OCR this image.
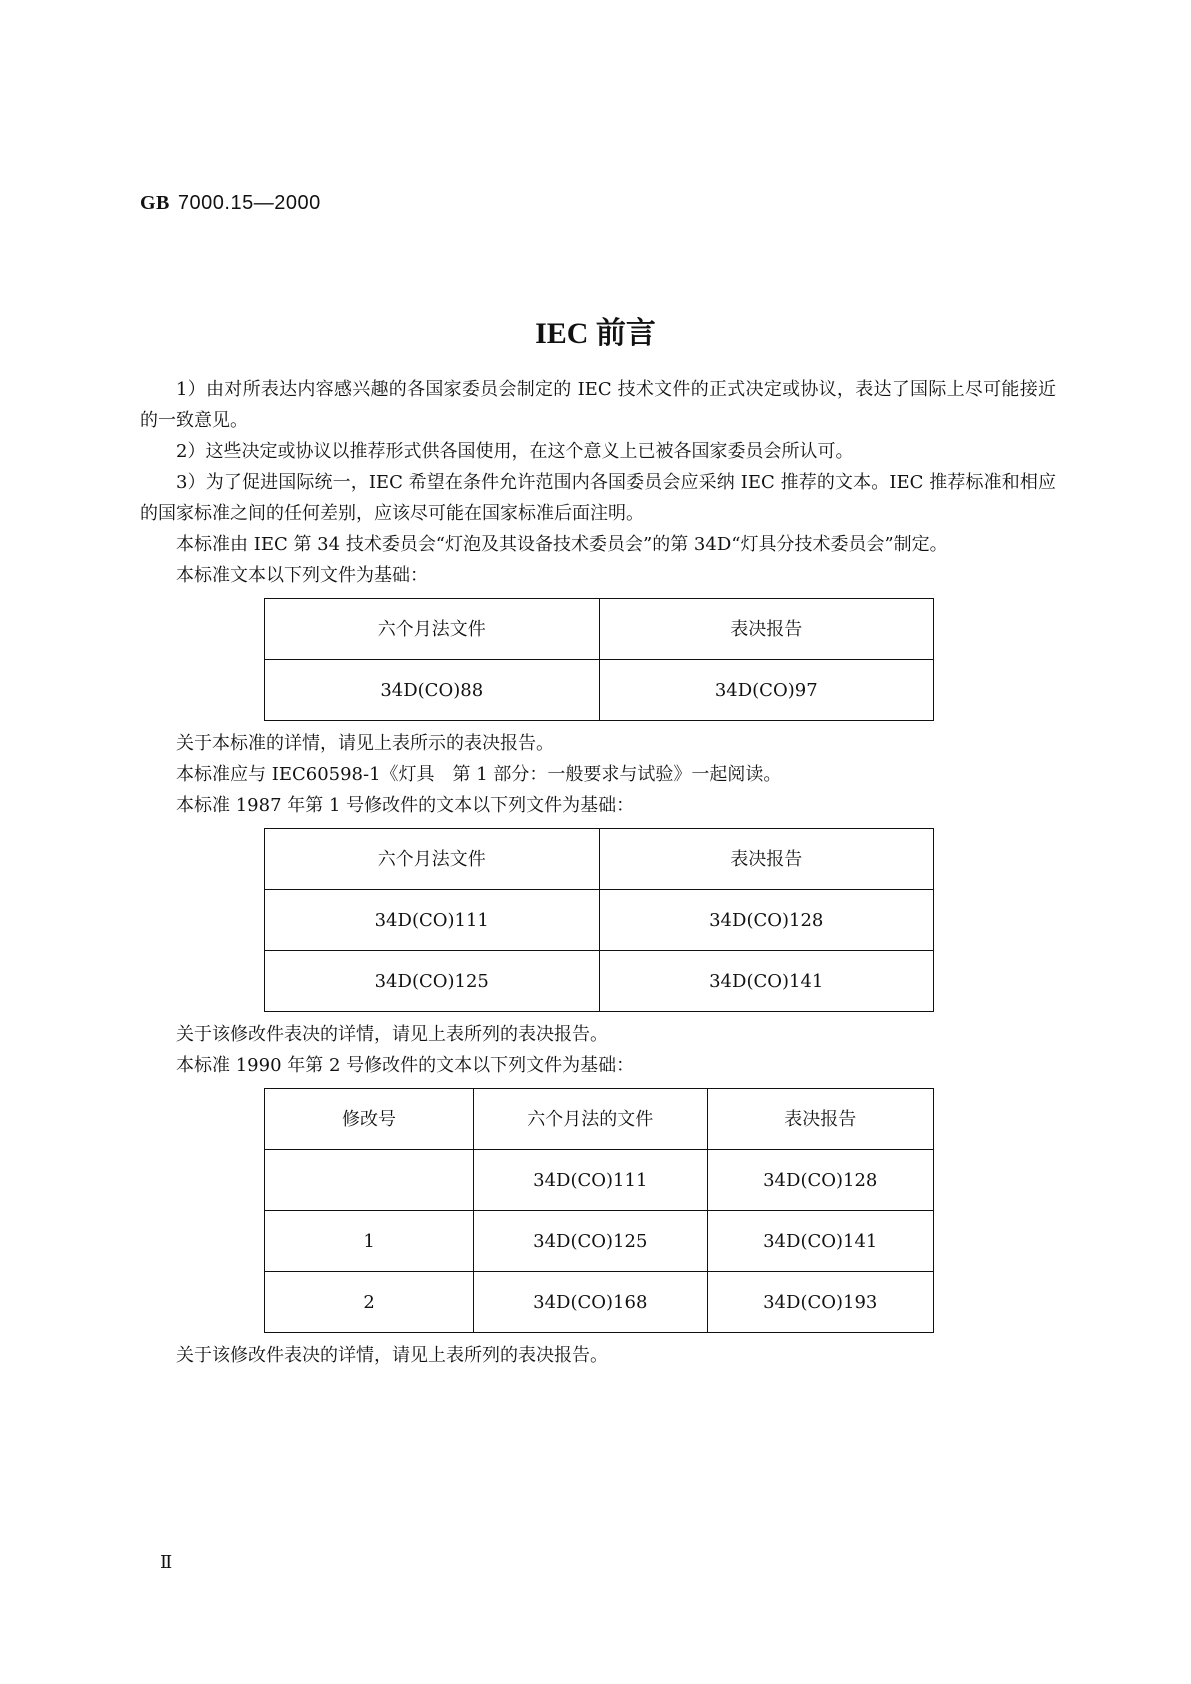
GB 7000.15—2000
IEC 前言

1）由对所表达内容感兴趣的各国家委员会制定的 IEC 技术文件的正式决定或协议，表达了国际上尽可能接近的一致意见。

2）这些决定或协议以推荐形式供各国使用，在这个意义上已被各国家委员会所认可。

3）为了促进国际统一，IEC 希望在条件允许范围内各国委员会应采纳 IEC 推荐的文本。IEC 推荐标准和相应的国家标准之间的任何差别，应该尽可能在国家标准后面注明。

本标准由 IEC 第 34 技术委员会“灯泡及其设备技术委员会”的第 34D“灯具分技术委员会”制定。

本标准文本以下列文件为基础：

六个月法文件	表决报告
34D(CO)88	34D(CO)97

关于本标准的详情，请见上表所示的表决报告。

本标准应与 IEC60598-1《灯具　第 1 部分：一般要求与试验》一起阅读。

本标准 1987 年第 1 号修改件的文本以下列文件为基础：

六个月法文件	表决报告
34D(CO)111	34D(CO)128
34D(CO)125	34D(CO)141

关于该修改件表决的详情，请见上表所列的表决报告。

本标准 1990 年第 2 号修改件的文本以下列文件为基础：

修改号	六个月法的文件	表决报告
	34D(CO)111	34D(CO)128
1	34D(CO)125	34D(CO)141
2	34D(CO)168	34D(CO)193

关于该修改件表决的详情，请见上表所列的表决报告。

Ⅱ
